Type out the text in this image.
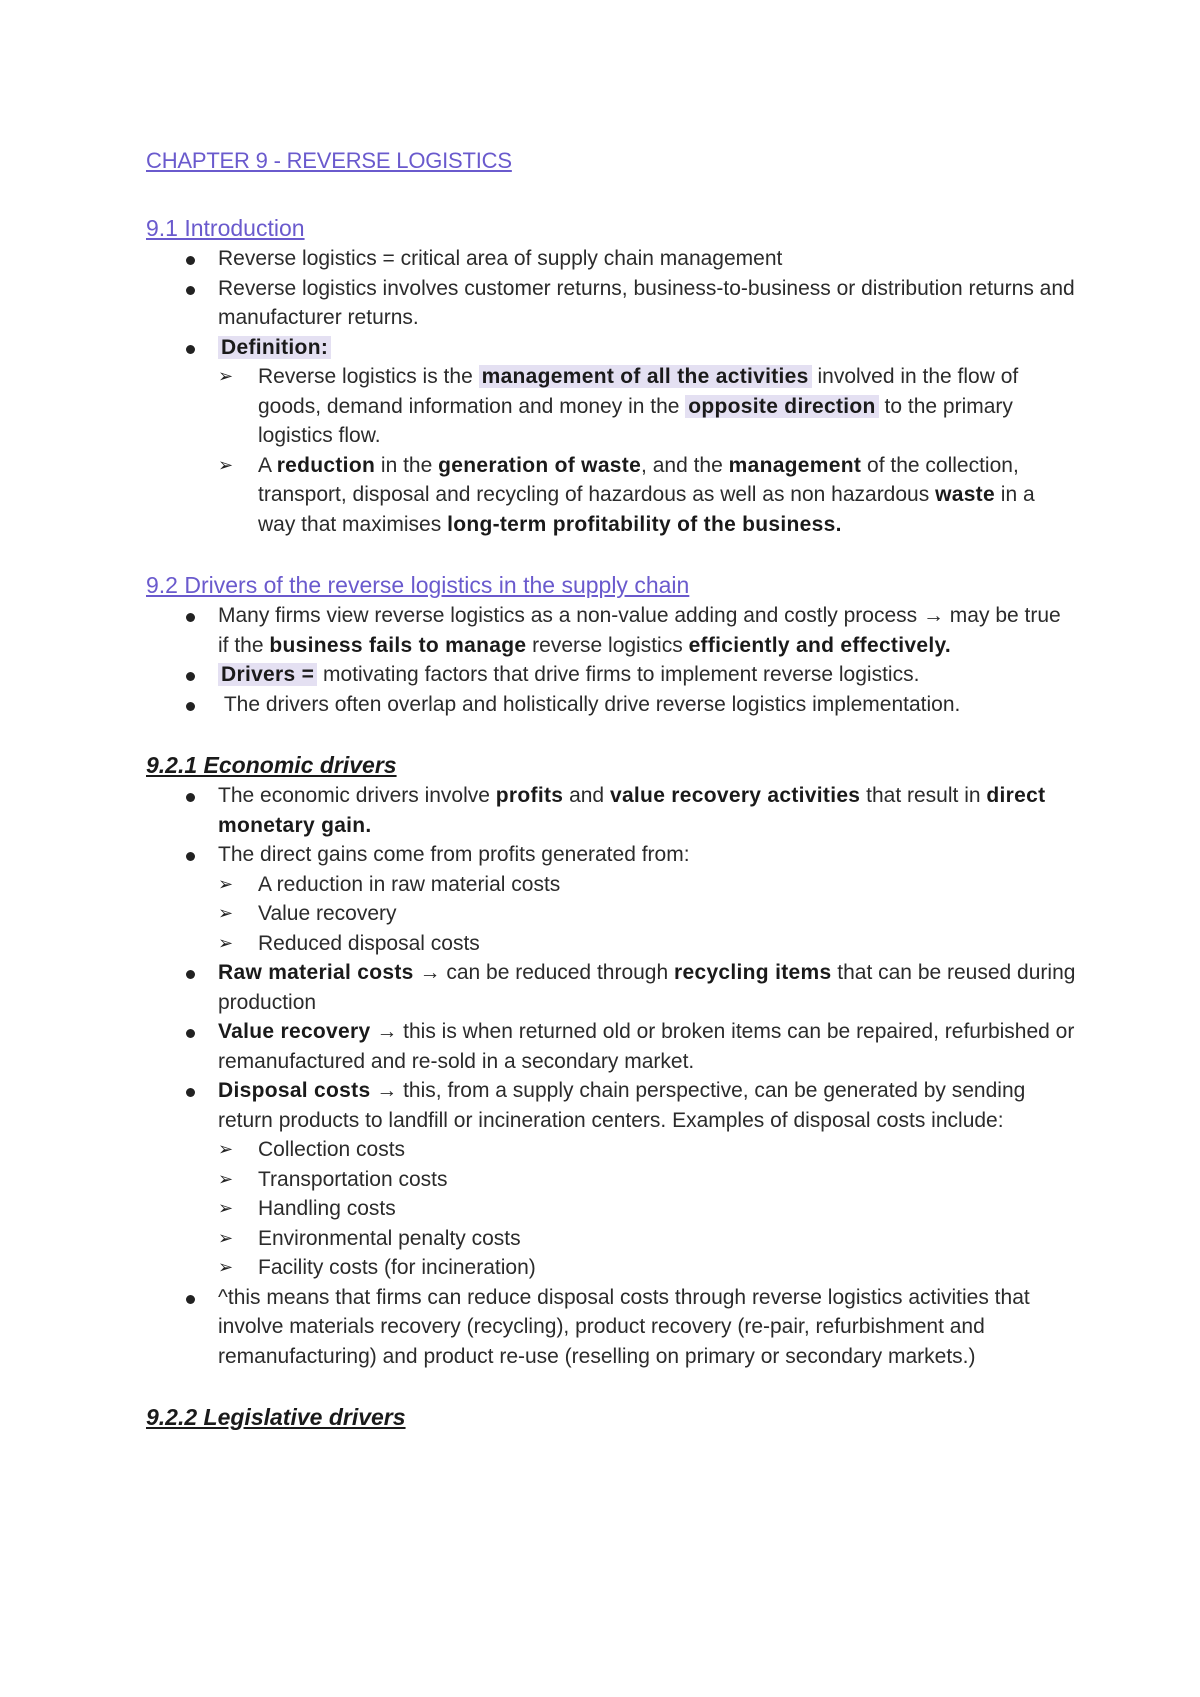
CHAPTER 9 - REVERSE LOGISTICS
9.1 Introduction
Reverse logistics = critical area of supply chain management
Reverse logistics involves customer returns, business-to-business or distribution returns and manufacturer returns.
Definition:
➢ Reverse logistics is the management of all the activities involved in the flow of goods, demand information and money in the opposite direction to the primary logistics flow.
➢ A reduction in the generation of waste, and the management of the collection, transport, disposal and recycling of hazardous as well as non hazardous waste in a way that maximises long-term profitability of the business.
9.2 Drivers of the reverse logistics in the supply chain
Many firms view reverse logistics as a non-value adding and costly process → may be true if the business fails to manage reverse logistics efficiently and effectively.
Drivers = motivating factors that drive firms to implement reverse logistics.
The drivers often overlap and holistically drive reverse logistics implementation.
9.2.1 Economic drivers
The economic drivers involve profits and value recovery activities that result in direct monetary gain.
The direct gains come from profits generated from:
➢ A reduction in raw material costs
➢ Value recovery
➢ Reduced disposal costs
Raw material costs → can be reduced through recycling items that can be reused during production
Value recovery → this is when returned old or broken items can be repaired, refurbished or remanufactured and re-sold in a secondary market.
Disposal costs → this, from a supply chain perspective, can be generated by sending return products to landfill or incineration centers. Examples of disposal costs include:
➢ Collection costs
➢ Transportation costs
➢ Handling costs
➢ Environmental penalty costs
➢ Facility costs (for incineration)
^this means that firms can reduce disposal costs through reverse logistics activities that involve materials recovery (recycling), product recovery (re-pair, refurbishment and remanufacturing) and product re-use (reselling on primary or secondary markets.)
9.2.2 Legislative drivers
